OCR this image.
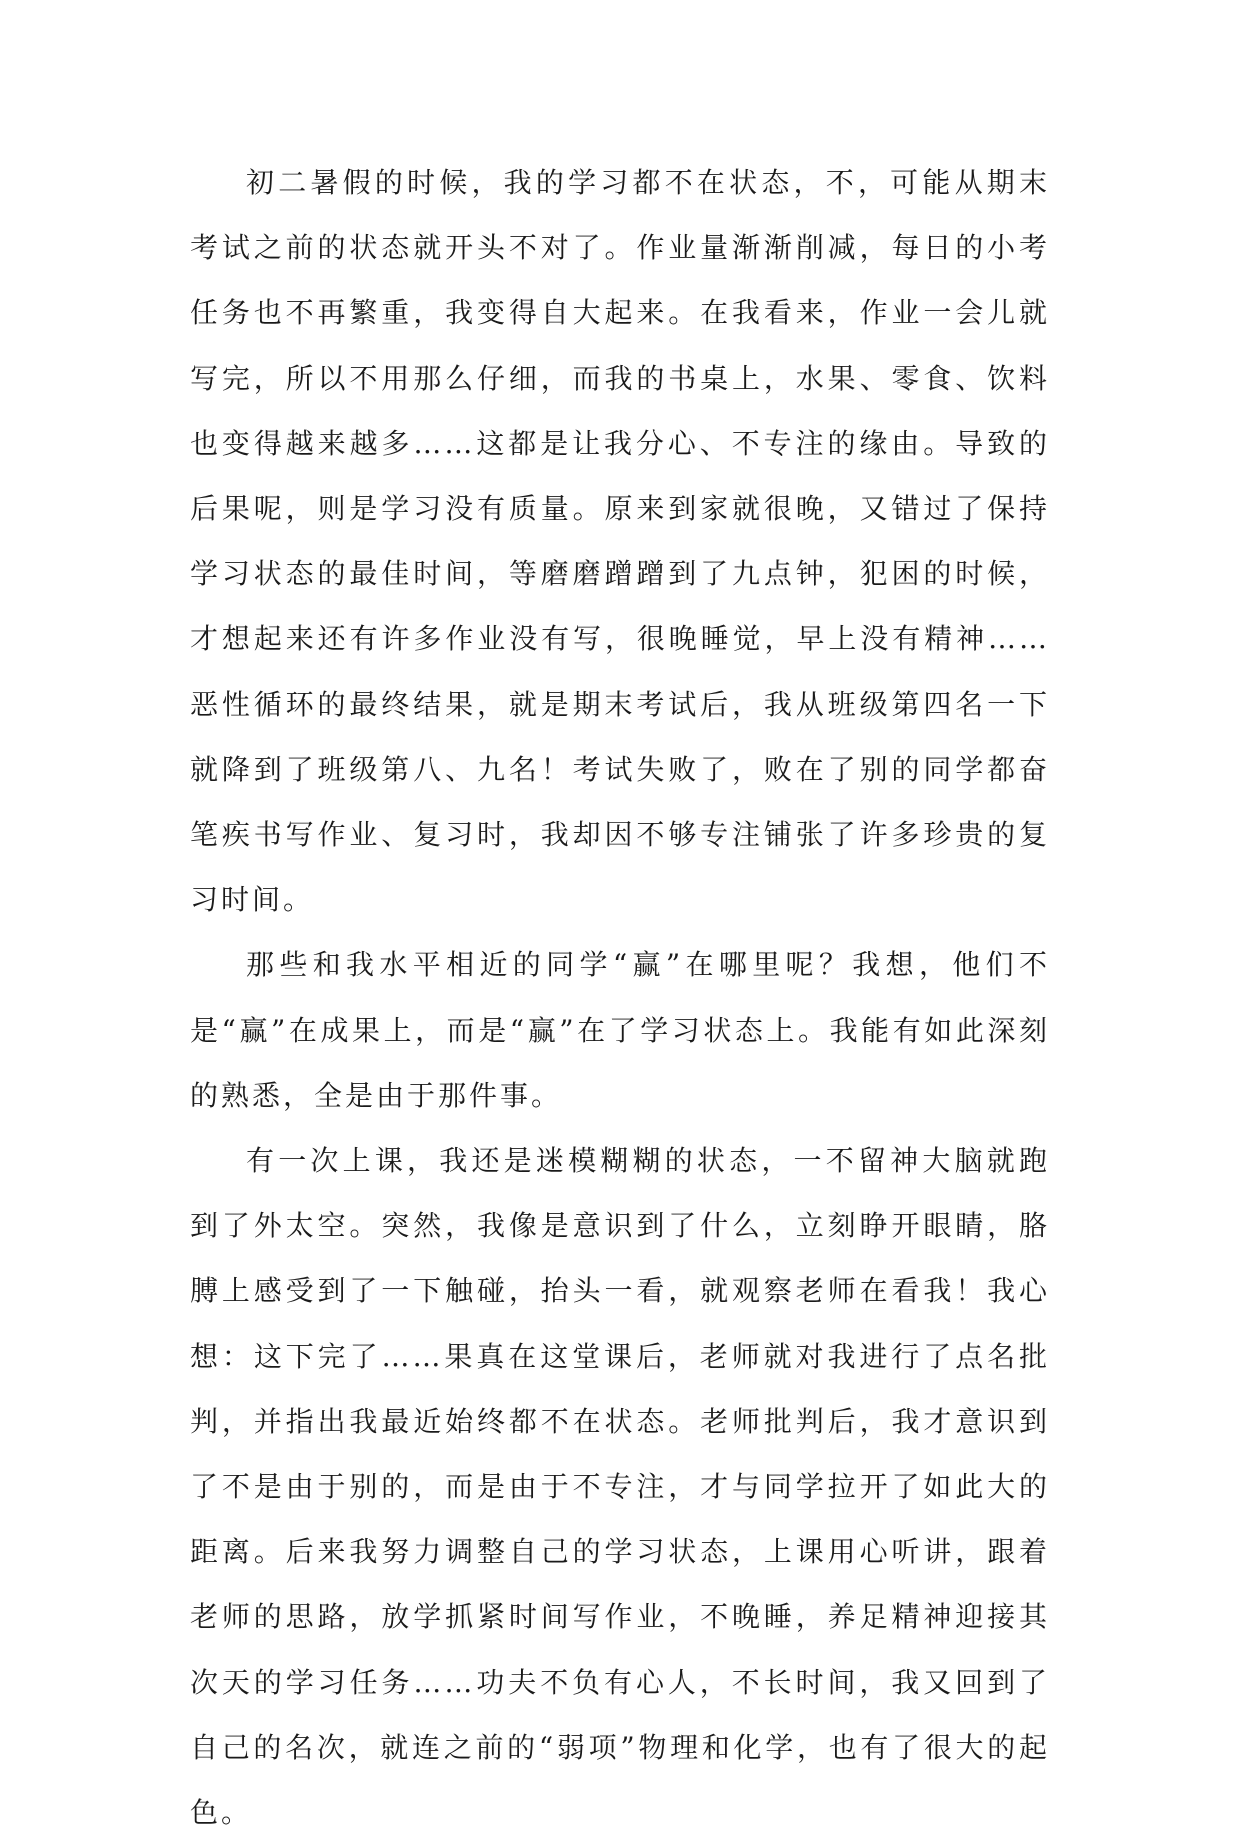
初二暑假的时候，我的学习都不在状态，不，可能从期末考试之前的状态就开头不对了。作业量渐渐削减，每日的小考任务也不再繁重，我变得自大起来。在我看来，作业一会儿就写完，所以不用那么仔细，而我的书桌上，水果、零食、饮料也变得越来越多……这都是让我分心、不专注的缘由。导致的后果呢，则是学习没有质量。原来到家就很晚，又错过了保持学习状态的最佳时间，等磨磨蹭蹭到了九点钟，犯困的时候，才想起来还有许多作业没有写，很晚睡觉，早上没有精神……恶性循环的最终结果，就是期末考试后，我从班级第四名一下就降到了班级第八、九名！考试失败了，败在了别的同学都奋笔疾书写作业、复习时，我却因不够专注铺张了许多珍贵的复习时间。

那些和我水平相近的同学“赢”在哪里呢？我想，他们不是“赢”在成果上，而是“赢”在了学习状态上。我能有如此深刻的熟悉，全是由于那件事。

有一次上课，我还是迷模糊糊的状态，一不留神大脑就跑到了外太空。突然，我像是意识到了什么，立刻睁开眼睛，胳膊上感受到了一下触碰，抬头一看，就观察老师在看我！我心想：这下完了……果真在这堂课后，老师就对我进行了点名批判，并指出我最近始终都不在状态。老师批判后，我才意识到了不是由于别的，而是由于不专注，才与同学拉开了如此大的距离。后来我努力调整自己的学习状态，上课用心听讲，跟着老师的思路，放学抓紧时间写作业，不晚睡，养足精神迎接其次天的学习任务……功夫不负有心人，不长时间，我又回到了自己的名次，就连之前的“弱项”物理和化学，也有了很大的起色。
